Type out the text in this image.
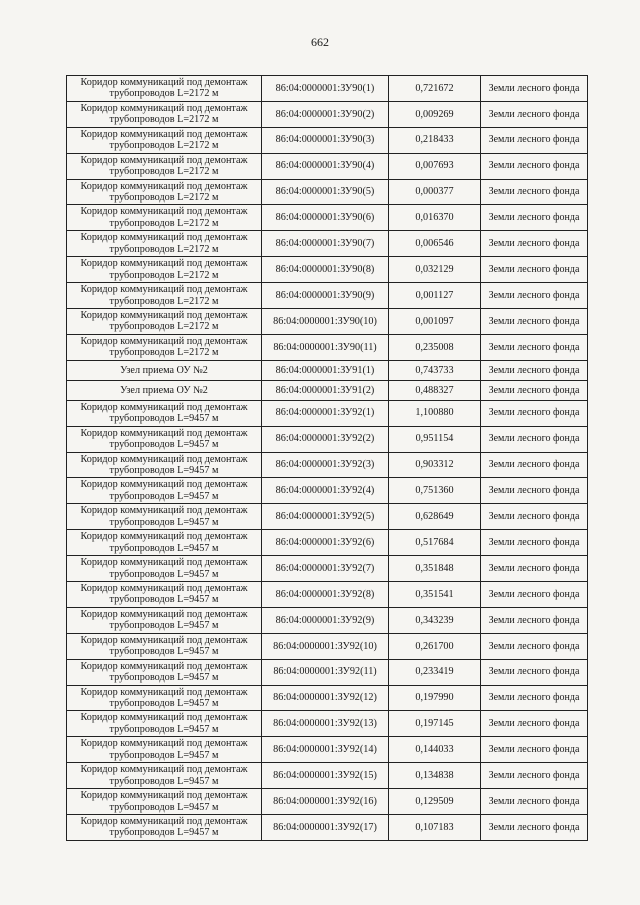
662
Коридор коммуникаций под демонтаж
трубопроводов L=2172 м	86:04:0000001:ЗУ90(1)	0,721672	Земли лесного фонда

Коридор коммуникаций под демонтаж
трубопроводов L=2172 м	86:04:0000001:ЗУ90(2)	0,009269	Земли лесного фонда

Коридор коммуникаций под демонтаж
трубопроводов L=2172 м	86:04:0000001:ЗУ90(3)	0,218433	Земли лесного фонда

Коридор коммуникаций под демонтаж
трубопроводов L=2172 м	86:04:0000001:ЗУ90(4)	0,007693	Земли лесного фонда

Коридор коммуникаций под демонтаж
трубопроводов L=2172 м	86:04:0000001:ЗУ90(5)	0,000377	Земли лесного фонда

Коридор коммуникаций под демонтаж
трубопроводов L=2172 м	86:04:0000001:ЗУ90(6)	0,016370	Земли лесного фонда

Коридор коммуникаций под демонтаж
трубопроводов L=2172 м	86:04:0000001:ЗУ90(7)	0,006546	Земли лесного фонда

Коридор коммуникаций под демонтаж
трубопроводов L=2172 м	86:04:0000001:ЗУ90(8)	0,032129	Земли лесного фонда

Коридор коммуникаций под демонтаж
трубопроводов L=2172 м	86:04:0000001:ЗУ90(9)	0,001127	Земли лесного фонда

Коридор коммуникаций под демонтаж
трубопроводов L=2172 м	86:04:0000001:ЗУ90(10)	0,001097	Земли лесного фонда

Коридор коммуникаций под демонтаж
трубопроводов L=2172 м	86:04:0000001:ЗУ90(11)	0,235008	Земли лесного фонда

Узел приема ОУ №2	86:04:0000001:ЗУ91(1)	0,743733	Земли лесного фонда

Узел приема ОУ №2	86:04:0000001:ЗУ91(2)	0,488327	Земли лесного фонда

Коридор коммуникаций под демонтаж
трубопроводов L=9457 м	86:04:0000001:ЗУ92(1)	1,100880	Земли лесного фонда

Коридор коммуникаций под демонтаж
трубопроводов L=9457 м	86:04:0000001:ЗУ92(2)	0,951154	Земли лесного фонда

Коридор коммуникаций под демонтаж
трубопроводов L=9457 м	86:04:0000001:ЗУ92(3)	0,903312	Земли лесного фонда

Коридор коммуникаций под демонтаж
трубопроводов L=9457 м	86:04:0000001:ЗУ92(4)	0,751360	Земли лесного фонда

Коридор коммуникаций под демонтаж
трубопроводов L=9457 м	86:04:0000001:ЗУ92(5)	0,628649	Земли лесного фонда

Коридор коммуникаций под демонтаж
трубопроводов L=9457 м	86:04:0000001:ЗУ92(6)	0,517684	Земли лесного фонда

Коридор коммуникаций под демонтаж
трубопроводов L=9457 м	86:04:0000001:ЗУ92(7)	0,351848	Земли лесного фонда

Коридор коммуникаций под демонтаж
трубопроводов L=9457 м	86:04:0000001:ЗУ92(8)	0,351541	Земли лесного фонда

Коридор коммуникаций под демонтаж
трубопроводов L=9457 м	86:04:0000001:ЗУ92(9)	0,343239	Земли лесного фонда

Коридор коммуникаций под демонтаж
трубопроводов L=9457 м	86:04:0000001:ЗУ92(10)	0,261700	Земли лесного фонда

Коридор коммуникаций под демонтаж
трубопроводов L=9457 м	86:04:0000001:ЗУ92(11)	0,233419	Земли лесного фонда

Коридор коммуникаций под демонтаж
трубопроводов L=9457 м	86:04:0000001:ЗУ92(12)	0,197990	Земли лесного фонда

Коридор коммуникаций под демонтаж
трубопроводов L=9457 м	86:04:0000001:ЗУ92(13)	0,197145	Земли лесного фонда

Коридор коммуникаций под демонтаж
трубопроводов L=9457 м	86:04:0000001:ЗУ92(14)	0,144033	Земли лесного фонда

Коридор коммуникаций под демонтаж
трубопроводов L=9457 м	86:04:0000001:ЗУ92(15)	0,134838	Земли лесного фонда

Коридор коммуникаций под демонтаж
трубопроводов L=9457 м	86:04:0000001:ЗУ92(16)	0,129509	Земли лесного фонда

Коридор коммуникаций под демонтаж
трубопроводов L=9457 м	86:04:0000001:ЗУ92(17)	0,107183	Земли лесного фонда
